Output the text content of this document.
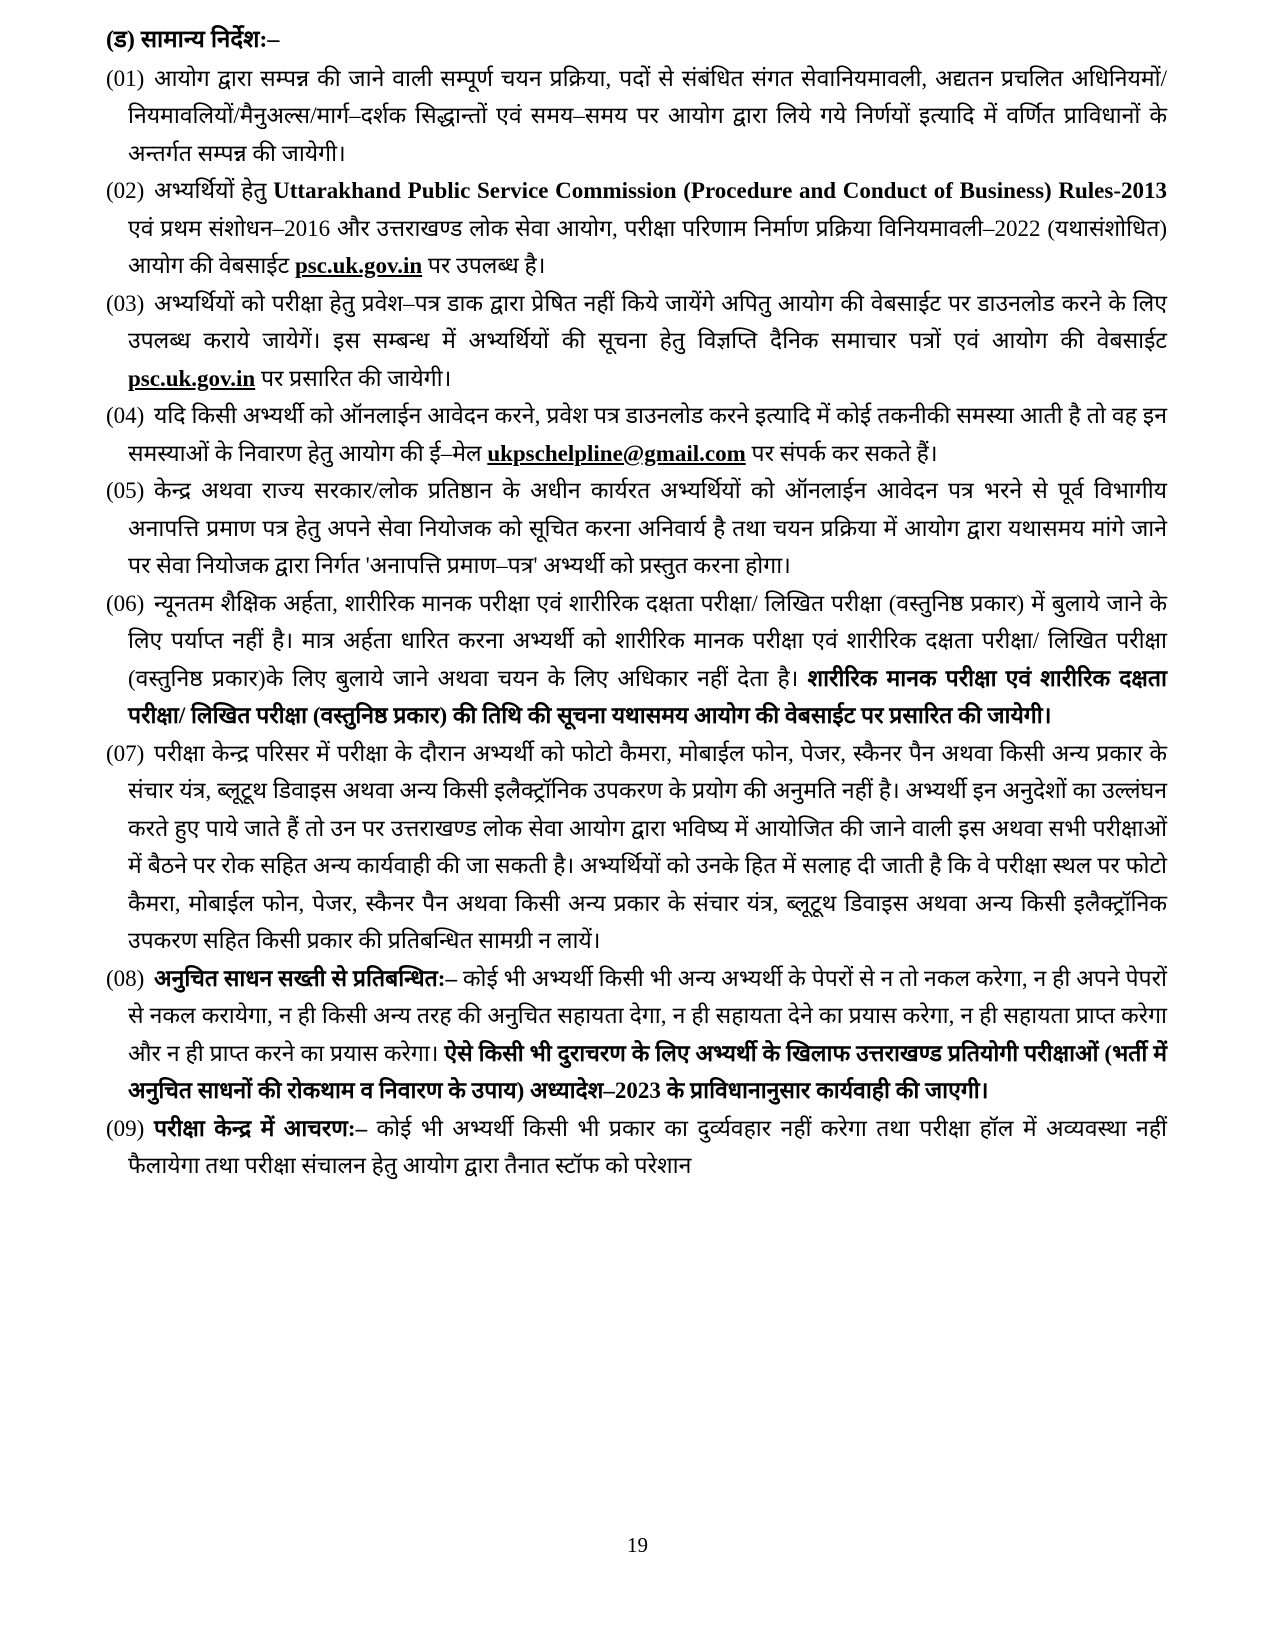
(ड) सामान्य निर्देश:–
(01) आयोग द्वारा सम्पन्न की जाने वाली सम्पूर्ण चयन प्रक्रिया, पदों से संबंधित संगत सेवानियमावली, अद्यतन प्रचलित अधिनियमों/नियमावलियों/मैनुअल्स/मार्ग–दर्शक सिद्धान्तों एवं समय–समय पर आयोग द्वारा लिये गये निर्णयों इत्यादि में वर्णित प्राविधानों के अन्तर्गत सम्पन्न की जायेगी।
(02) अभ्यर्थियों हेतु Uttarakhand Public Service Commission (Procedure and Conduct of Business) Rules-2013 एवं प्रथम संशोधन–2016 और उत्तराखण्ड लोक सेवा आयोग, परीक्षा परिणाम निर्माण प्रक्रिया विनियमावली–2022 (यथासंशोधित) आयोग की वेबसाईट psc.uk.gov.in पर उपलब्ध है।
(03) अभ्यर्थियों को परीक्षा हेतु प्रवेश–पत्र डाक द्वारा प्रेषित नहीं किये जायेंगे अपितु आयोग की वेबसाईट पर डाउनलोड करने के लिए उपलब्ध कराये जायेगें। इस सम्बन्ध में अभ्यर्थियों की सूचना हेतु विज्ञप्ति दैनिक समाचार पत्रों एवं आयोग की वेबसाईट psc.uk.gov.in पर प्रसारित की जायेगी।
(04) यदि किसी अभ्यर्थी को ऑनलाईन आवेदन करने, प्रवेश पत्र डाउनलोड करने इत्यादि में कोई तकनीकी समस्या आती है तो वह इन समस्याओं के निवारण हेतु आयोग की ई–मेल ukpschelpline@gmail.com पर संपर्क कर सकते हैं।
(05) केन्द्र अथवा राज्य सरकार/लोक प्रतिष्ठान के अधीन कार्यरत अभ्यर्थियों को ऑनलाईन आवेदन पत्र भरने से पूर्व विभागीय अनापत्ति प्रमाण पत्र हेतु अपने सेवा नियोजक को सूचित करना अनिवार्य है तथा चयन प्रक्रिया में आयोग द्वारा यथासमय मांगे जाने पर सेवा नियोजक द्वारा निर्गत 'अनापत्ति प्रमाण–पत्र' अभ्यर्थी को प्रस्तुत करना होगा।
(06) न्यूनतम शैक्षिक अर्हता, शारीरिक मानक परीक्षा एवं शारीरिक दक्षता परीक्षा/ लिखित परीक्षा (वस्तुनिष्ठ प्रकार) में बुलाये जाने के लिए पर्याप्त नहीं है। मात्र अर्हता धारित करना अभ्यर्थी को शारीरिक मानक परीक्षा एवं शारीरिक दक्षता परीक्षा/ लिखित परीक्षा (वस्तुनिष्ठ प्रकार)के लिए बुलाये जाने अथवा चयन के लिए अधिकार नहीं देता है। शारीरिक मानक परीक्षा एवं शारीरिक दक्षता परीक्षा/ लिखित परीक्षा (वस्तुनिष्ठ प्रकार) की तिथि की सूचना यथासमय आयोग की वेबसाईट पर प्रसारित की जायेगी।
(07) परीक्षा केन्द्र परिसर में परीक्षा के दौरान अभ्यर्थी को फोटो कैमरा, मोबाईल फोन, पेजर, स्कैनर पैन अथवा किसी अन्य प्रकार के संचार यंत्र, ब्लूटूथ डिवाइस अथवा अन्य किसी इलैक्ट्रॉनिक उपकरण के प्रयोग की अनुमति नहीं है। अभ्यर्थी इन अनुदेशों का उल्लंघन करते हुए पाये जाते हैं तो उन पर उत्तराखण्ड लोक सेवा आयोग द्वारा भविष्य में आयोजित की जाने वाली इस अथवा सभी परीक्षाओं में बैठने पर रोक सहित अन्य कार्यवाही की जा सकती है। अभ्यर्थियों को उनके हित में सलाह दी जाती है कि वे परीक्षा स्थल पर फोटो कैमरा, मोबाईल फोन, पेजर, स्कैनर पैन अथवा किसी अन्य प्रकार के संचार यंत्र, ब्लूटूथ डिवाइस अथवा अन्य किसी इलैक्ट्रॉनिक उपकरण सहित किसी प्रकार की प्रतिबन्धित सामग्री न लायें।
(08) अनुचित साधन सख्ती से प्रतिबन्धित:– कोई भी अभ्यर्थी किसी भी अन्य अभ्यर्थी के पेपरों से न तो नकल करेगा, न ही अपने पेपरों से नकल करायेगा, न ही किसी अन्य तरह की अनुचित सहायता देगा, न ही सहायता देने का प्रयास करेगा, न ही सहायता प्राप्त करेगा और न ही प्राप्त करने का प्रयास करेगा। ऐसे किसी भी दुराचरण के लिए अभ्यर्थी के खिलाफ उत्तराखण्ड प्रतियोगी परीक्षाओं (भर्ती में अनुचित साधनों की रोकथाम व निवारण के उपाय) अध्यादेश–2023 के प्राविधानानुसार कार्यवाही की जाएगी।
(09) परीक्षा केन्द्र में आचरण:– कोई भी अभ्यर्थी किसी भी प्रकार का दुर्व्यवहार नहीं करेगा तथा परीक्षा हॉल में अव्यवस्था नहीं फैलायेगा तथा परीक्षा संचालन हेतु आयोग द्वारा तैनात स्टॉफ को परेशान
19
